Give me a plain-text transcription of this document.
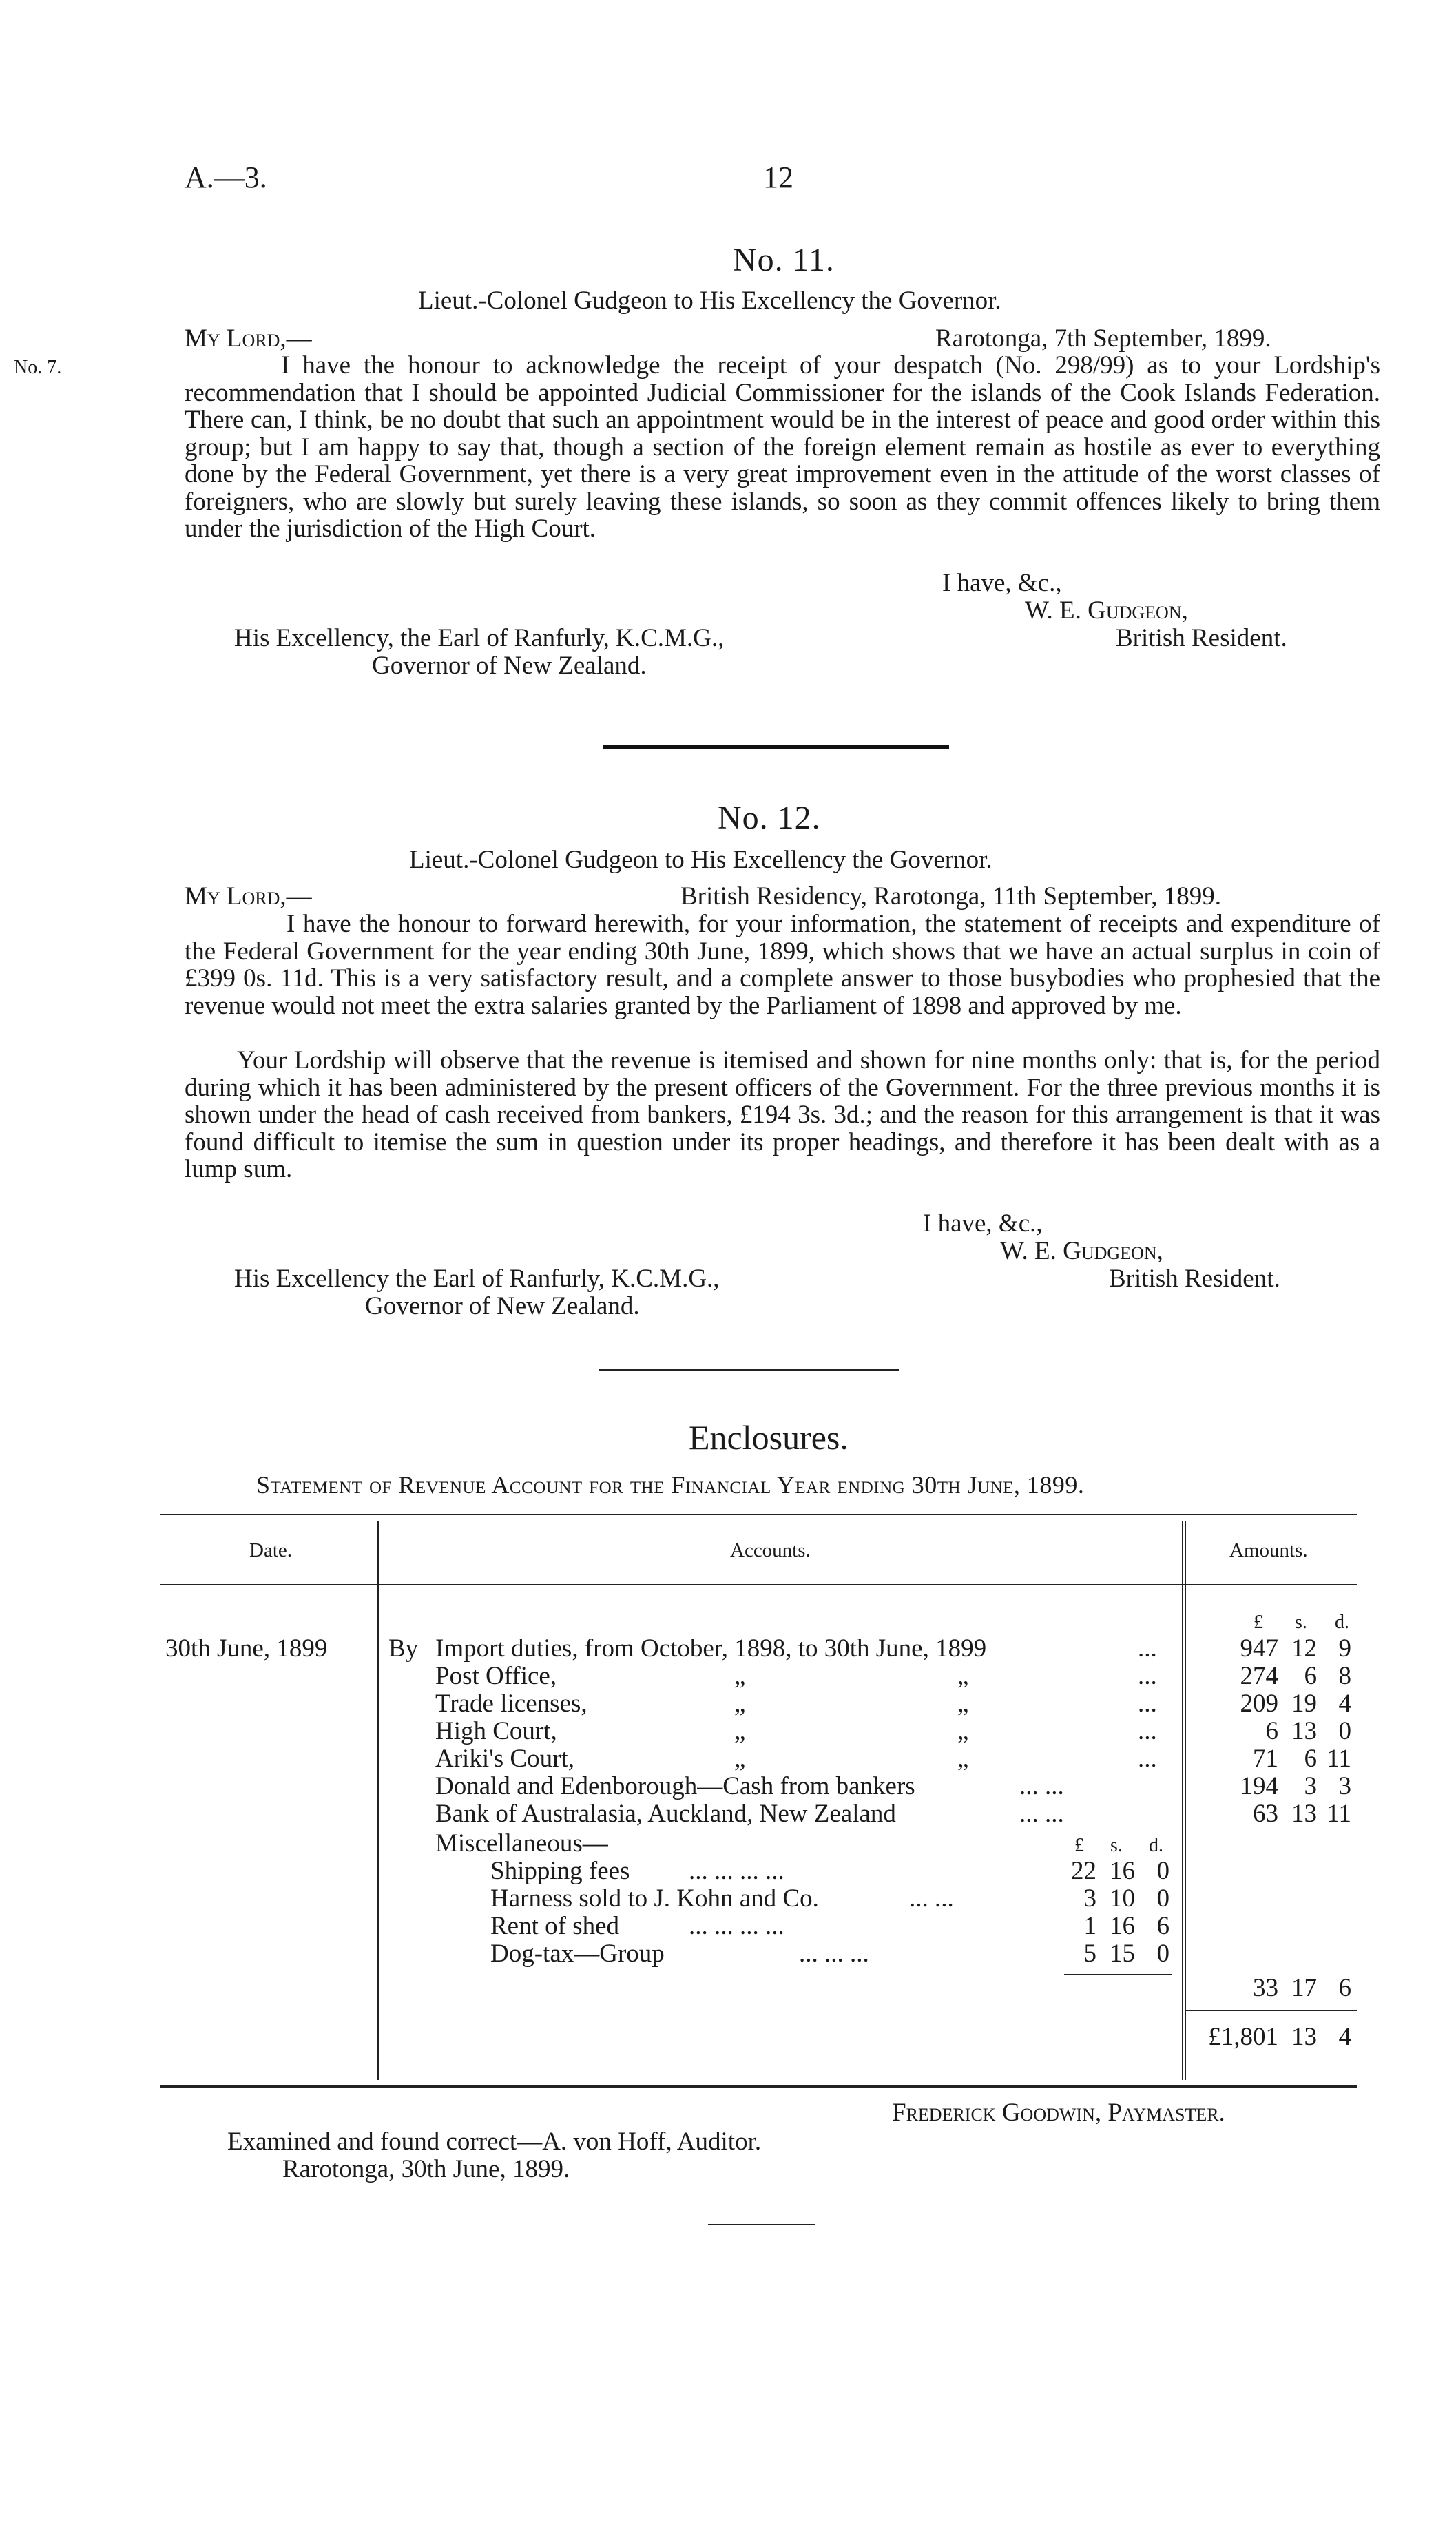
A.—3.	12
No. 11.
Lieut.-Colonel Gudgeon to His Excellency the Governor.
My Lord,—	Rarotonga, 7th September, 1899.
No. 7.	I have the honour to acknowledge the receipt of your despatch (No. 298/99) as to your Lordship's recommendation that I should be appointed Judicial Commissioner for the islands of the Cook Islands Federation. There can, I think, be no doubt that such an appointment would be in the interest of peace and good order within this group; but I am happy to say that, though a section of the foreign element remain as hostile as ever to everything done by the Federal Government, yet there is a very great improvement even in the attitude of the worst classes of foreigners, who are slowly but surely leaving these islands, so soon as they commit offences likely to bring them under the jurisdiction of the High Court.
I have, &c.,
W. E. Gudgeon,
British Resident.
His Excellency, the Earl of Ranfurly, K.C.M.G.,
Governor of New Zealand.
No. 12.
Lieut.-Colonel Gudgeon to His Excellency the Governor.
My Lord,—	British Residency, Rarotonga, 11th September, 1899.
I have the honour to forward herewith, for your information, the statement of receipts and expenditure of the Federal Government for the year ending 30th June, 1899, which shows that we have an actual surplus in coin of £399 0s. 11d. This is a very satisfactory result, and a complete answer to those busybodies who prophesied that the revenue would not meet the extra salaries granted by the Parliament of 1898 and approved by me.
Your Lordship will observe that the revenue is itemised and shown for nine months only: that is, for the period during which it has been administered by the present officers of the Government. For the three previous months it is shown under the head of cash received from bankers, £194 3s. 3d.; and the reason for this arrangement is that it was found difficult to itemise the sum in question under its proper headings, and therefore it has been dealt with as a lump sum.
I have, &c.,
W. E. Gudgeon,
British Resident.
His Excellency the Earl of Ranfurly, K.C.M.G.,
Governor of New Zealand.
Enclosures.
Statement of Revenue Account for the Financial Year ending 30th June, 1899.
Date.	Accounts.	Amounts.
£ s. d.
30th June, 1899 By Import duties, from October, 1898, to 30th June, 1899	...	947 12 9
Post Office,	„	„	...	274	6 8
Trade licenses,	„	„	...	209 19 4
High Court,	„	„	...	6 13 0
Ariki's Court,	„	„	...	71	6 11
Donald and Edenborough—Cash from bankers	... ...	194	3 3
Bank of Australasia, Auckland, New Zealand	... ...	63 13 11
Miscellaneous—	£ s. d.
Shipping fees ... ... ... ...	22 16 0
Harness sold to J. Kohn and Co.	... ...	3 10 0
Rent of shed	... ... ... ...	1 16 6
Dog-tax—Group	... ... ...	5 15 0
33 17 6
£1,801 13 4
Frederick Goodwin, Paymaster.
Examined and found correct—A. von Hoff, Auditor.
Rarotonga, 30th June, 1899.
